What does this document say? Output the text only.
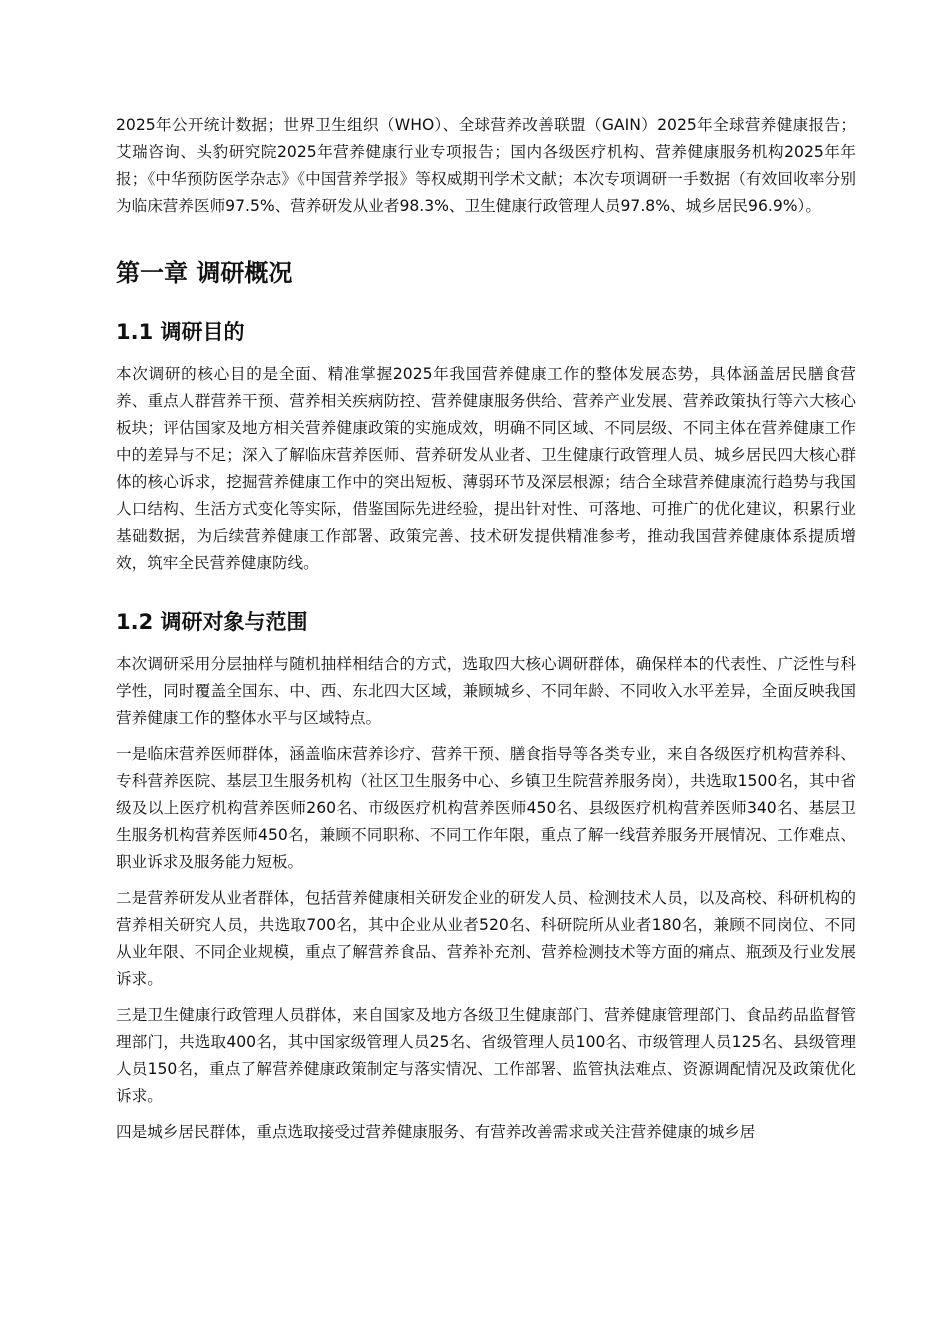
2025年公开统计数据；世界卫生组织（WHO）、全球营养改善联盟（GAIN）2025年全球营养健康报告；艾瑞咨询、头豹研究院2025年营养健康行业专项报告；国内各级医疗机构、营养健康服务机构2025年年报；《中华预防医学杂志》《中国营养学报》等权威期刊学术文献；本次专项调研一手数据（有效回收率分别为临床营养医师97.5%、营养研发从业者98.3%、卫生健康行政管理人员97.8%、城乡居民96.9%）。

第一章 调研概况
1.1 调研目的

本次调研的核心目的是全面、精准掌握2025年我国营养健康工作的整体发展态势，具体涵盖居民膳食营养、重点人群营养干预、营养相关疾病防控、营养健康服务供给、营养产业发展、营养政策执行等六大核心板块；评估国家及地方相关营养健康政策的实施成效，明确不同区域、不同层级、不同主体在营养健康工作中的差异与不足；深入了解临床营养医师、营养研发从业者、卫生健康行政管理人员、城乡居民四大核心群体的核心诉求，挖掘营养健康工作中的突出短板、薄弱环节及深层根源；结合全球营养健康流行趋势与我国人口结构、生活方式变化等实际，借鉴国际先进经验，提出针对性、可落地、可推广的优化建议，积累行业基础数据，为后续营养健康工作部署、政策完善、技术研发提供精准参考，推动我国营养健康体系提质增效，筑牢全民营养健康防线。

1.2 调研对象与范围

本次调研采用分层抽样与随机抽样相结合的方式，选取四大核心调研群体，确保样本的代表性、广泛性与科学性，同时覆盖全国东、中、西、东北四大区域，兼顾城乡、不同年龄、不同收入水平差异，全面反映我国营养健康工作的整体水平与区域特点。

一是临床营养医师群体，涵盖临床营养诊疗、营养干预、膳食指导等各类专业，来自各级医疗机构营养科、专科营养医院、基层卫生服务机构（社区卫生服务中心、乡镇卫生院营养服务岗），共选取1500名，其中省级及以上医疗机构营养医师260名、市级医疗机构营养医师450名、县级医疗机构营养医师340名、基层卫生服务机构营养医师450名，兼顾不同职称、不同工作年限，重点了解一线营养服务开展情况、工作难点、职业诉求及服务能力短板。

二是营养研发从业者群体，包括营养健康相关研发企业的研发人员、检测技术人员，以及高校、科研机构的营养相关研究人员，共选取700名，其中企业从业者520名、科研院所从业者180名，兼顾不同岗位、不同从业年限、不同企业规模，重点了解营养食品、营养补充剂、营养检测技术等方面的痛点、瓶颈及行业发展诉求。

三是卫生健康行政管理人员群体，来自国家及地方各级卫生健康部门、营养健康管理部门、食品药品监督管理部门，共选取400名，其中国家级管理人员25名、省级管理人员100名、市级管理人员125名、县级管理人员150名，重点了解营养健康政策制定与落实情况、工作部署、监管执法难点、资源调配情况及政策优化诉求。

四是城乡居民群体，重点选取接受过营养健康服务、有营养改善需求或关注营养健康的城乡居
